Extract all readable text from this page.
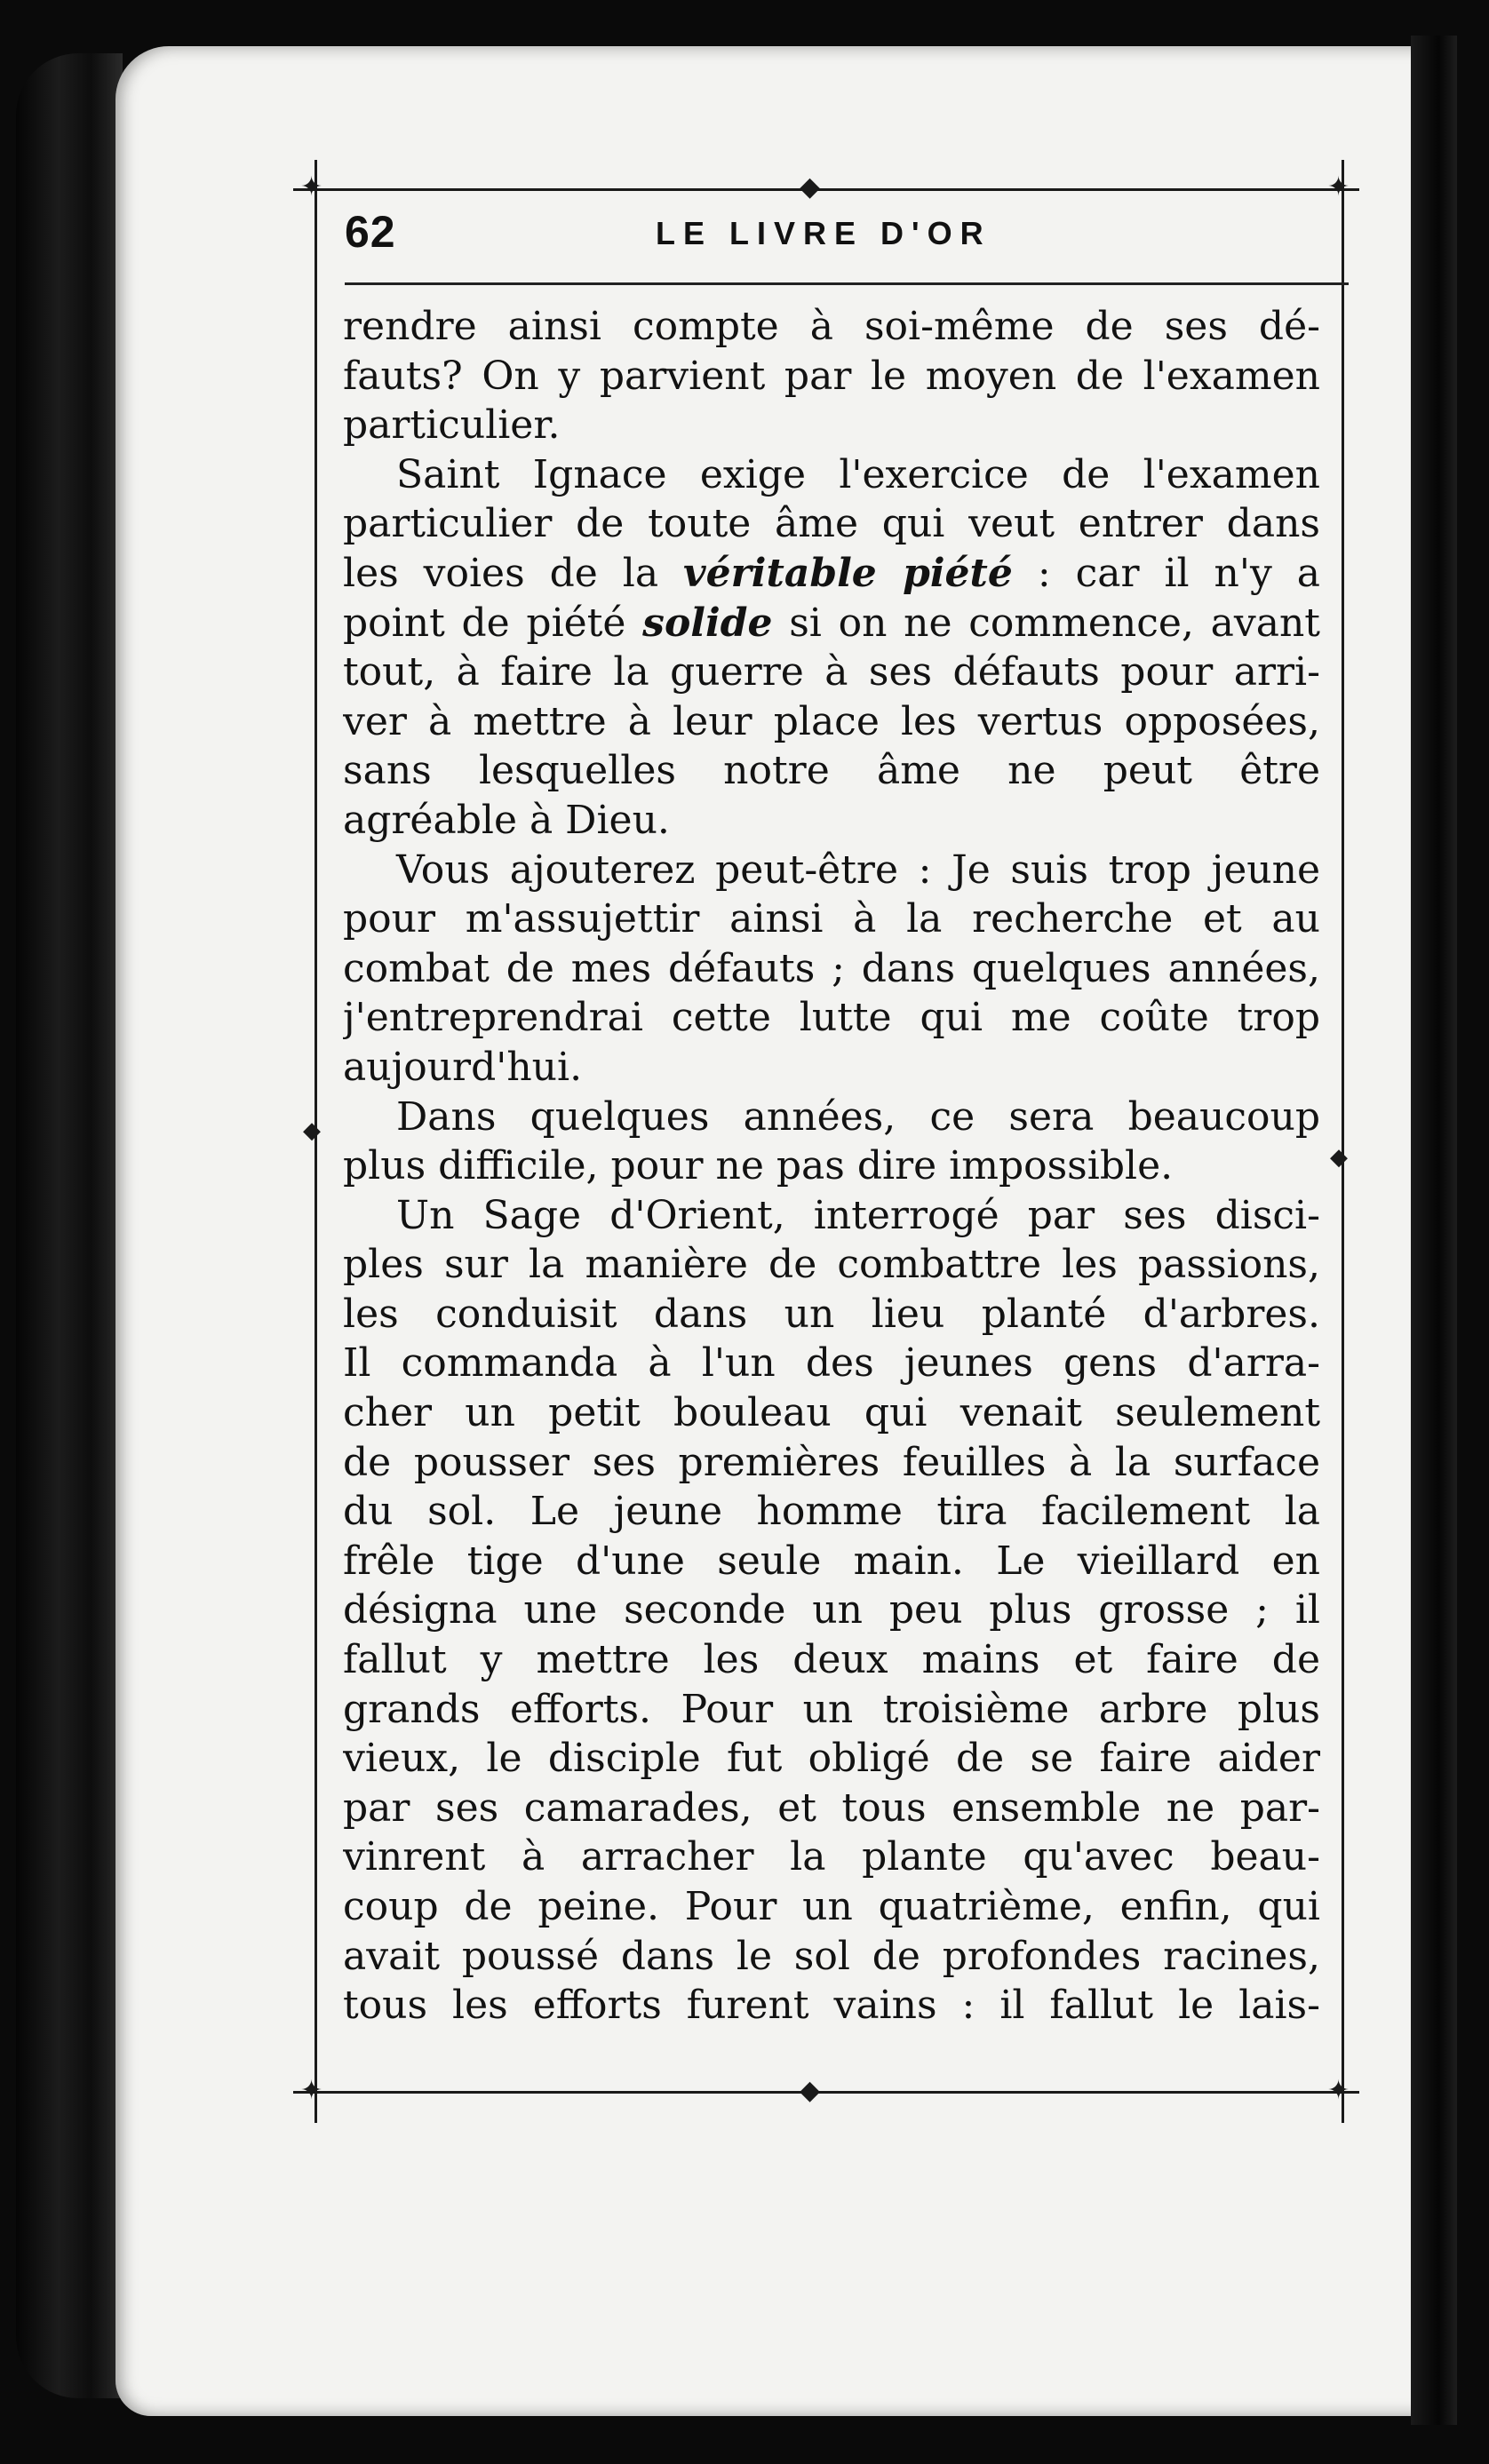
✦	◆	✦
✦	◆	✦
◆
◆
62	LE LIVRE D'OR
rendre ainsi compte à soi-même de ses dé-
fauts? On y parvient par le moyen de l'examen
particulier.
Saint Ignace exige l'exercice de l'examen
particulier de toute âme qui veut entrer dans
les voies de la véritable piété : car il n'y a
point de piété solide si on ne commence, avant
tout, à faire la guerre à ses défauts pour arri-
ver à mettre à leur place les vertus opposées,
sans lesquelles notre âme ne peut être
agréable à Dieu.
Vous ajouterez peut-être : Je suis trop jeune
pour m'assujettir ainsi à la recherche et au
combat de mes défauts ; dans quelques années,
j'entreprendrai cette lutte qui me coûte trop
aujourd'hui.
Dans quelques années, ce sera beaucoup
plus difficile, pour ne pas dire impossible.
Un Sage d'Orient, interrogé par ses disci-
ples sur la manière de combattre les passions,
les conduisit dans un lieu planté d'arbres.
Il commanda à l'un des jeunes gens d'arra-
cher un petit bouleau qui venait seulement
de pousser ses premières feuilles à la surface
du sol. Le jeune homme tira facilement la
frêle tige d'une seule main. Le vieillard en
désigna une seconde un peu plus grosse ; il
fallut y mettre les deux mains et faire de
grands efforts. Pour un troisième arbre plus
vieux, le disciple fut obligé de se faire aider
par ses camarades, et tous ensemble ne par-
vinrent à arracher la plante qu'avec beau-
coup de peine. Pour un quatrième, enfin, qui
avait poussé dans le sol de profondes racines,
tous les efforts furent vains : il fallut le lais-
